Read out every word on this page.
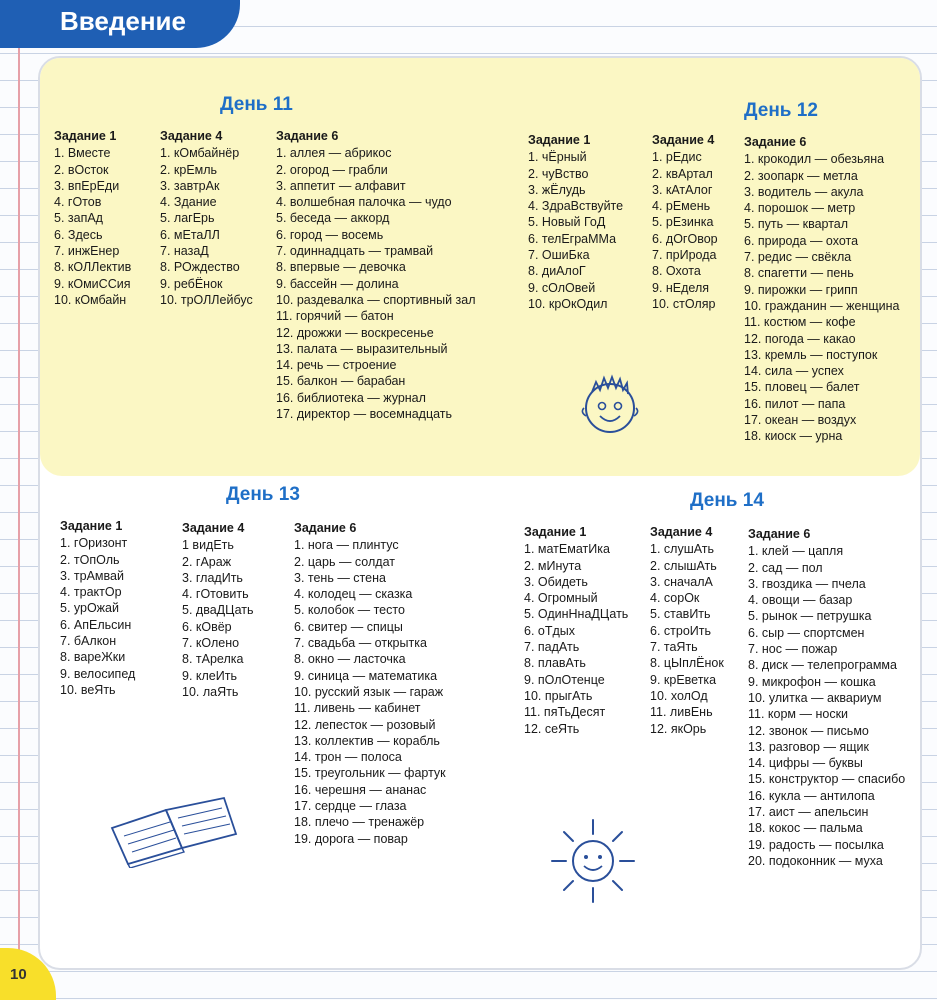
Введение
День 11
Задание 1
1. Вместе
2. вОсток
3. впЕрЕди
4. гОтов
5. запАд
6. Здесь
7. инжЕнер
8. кОЛЛектив
9. кОмиССия
10. кОмбайн
Задание 4
1. кОмбайнёр
2. крЕмль
3. завтрАк
4. Здание
5. лагЕрь
6. мЕтаЛЛ
7. назаД
8. РОждество
9. ребЁнок
10. трОЛЛейбус
Задание 6
1. аллея — абрикос
2. огород — грабли
3. аппетит — алфавит
4. волшебная палочка — чудо
5. беседа — аккорд
6. город — восемь
7. одиннадцать — трамвай
8. впервые — девочка
9. бассейн — долина
10. раздевалка — спортивный зал
11. горячий — батон
12. дрожжи — воскресенье
13. палата — выразительный
14. речь — строение
15. балкон — барабан
16. библиотека — журнал
17. директор — восемнадцать
День 12
Задание 1
1. чЁрный
2. чуВство
3. жЁлудь
4. ЗдраВствуйте
5. Новый ГоД
6. телЕграММа
7. ОшиБка
8. диАлоГ
9. сОлОвей
10. крОкОдил
Задание 4
1. рЕдис
2. квАртал
3. кАтАлог
4. рЕмень
5. рЕзинка
6. дОгОвор
7. прИрода
8. Охота
9. нЕделя
10. стОляр
Задание 6
1. крокодил — обезьяна
2. зоопарк — метла
3. водитель — акула
4. порошок — метр
5. путь — квартал
6. природа — охота
7. редис — свёкла
8. спагетти — пень
9. пирожки — грипп
10. гражданин — женщина
11. костюм — кофе
12. погода — какао
13. кремль — поступок
14. сила — успех
15. пловец — балет
16. пилот — папа
17. океан — воздух
18. киоск — урна
День 13
Задание 1
1. гОризонт
2. тОпОль
3. трАмвай
4. трактОр
5. урОжай
6. АпЕльсин
7. бАлкон
8. вареЖки
9. велосипед
10. веЯть
Задание 4
1 видЕть
2. гАраж
3. гладИть
4. гОтовить
5. дваДЦать
6. кОвёр
7. кОлено
8. тАрелка
9. клеИть
10. лаЯть
Задание 6
1. нога — плинтус
2. царь — солдат
3. тень — стена
4. колодец — сказка
5. колобок — тесто
6. свитер — спицы
7. свадьба — открытка
8. окно — ласточка
9. синица — математика
10. русский язык — гараж
11. ливень — кабинет
12. лепесток — розовый
13. коллектив — корабль
14. трон — полоса
15. треугольник — фартук
16. черешня — ананас
17. сердце — глаза
18. плечо — тренажёр
19. дорога — повар
День 14
Задание 1
1. матЕматИка
2. мИнута
3. Обидеть
4. Огромный
5. ОдинНнаДЦать
6. оТдых
7. падАть
8. плавАть
9. пОлОтенце
10. прыгАть
11. пяТьДесят
12. сеЯть
Задание 4
1. слушАть
2. слышАть
3. сначалА
4. сорОк
5. ставИть
6. строИть
7. таЯть
8. цЫплЁнок
9. крЕветка
10. холОд
11. ливЕнь
12. якОрь
Задание 6
1. клей — цапля
2. сад — пол
3. гвоздика — пчела
4. овощи — базар
5. рынок — петрушка
6. сыр — спортсмен
7. нос — пожар
8. диск — телепрограмма
9. микрофон — кошка
10. улитка — аквариум
11. корм — носки
12. звонок — письмо
13. разговор — ящик
14. цифры — буквы
15. конструктор — спасибо
16. кукла — антилопа
17. аист — апельсин
18. кокос — пальма
19. радость — посылка
20. подоконник — муха
10
